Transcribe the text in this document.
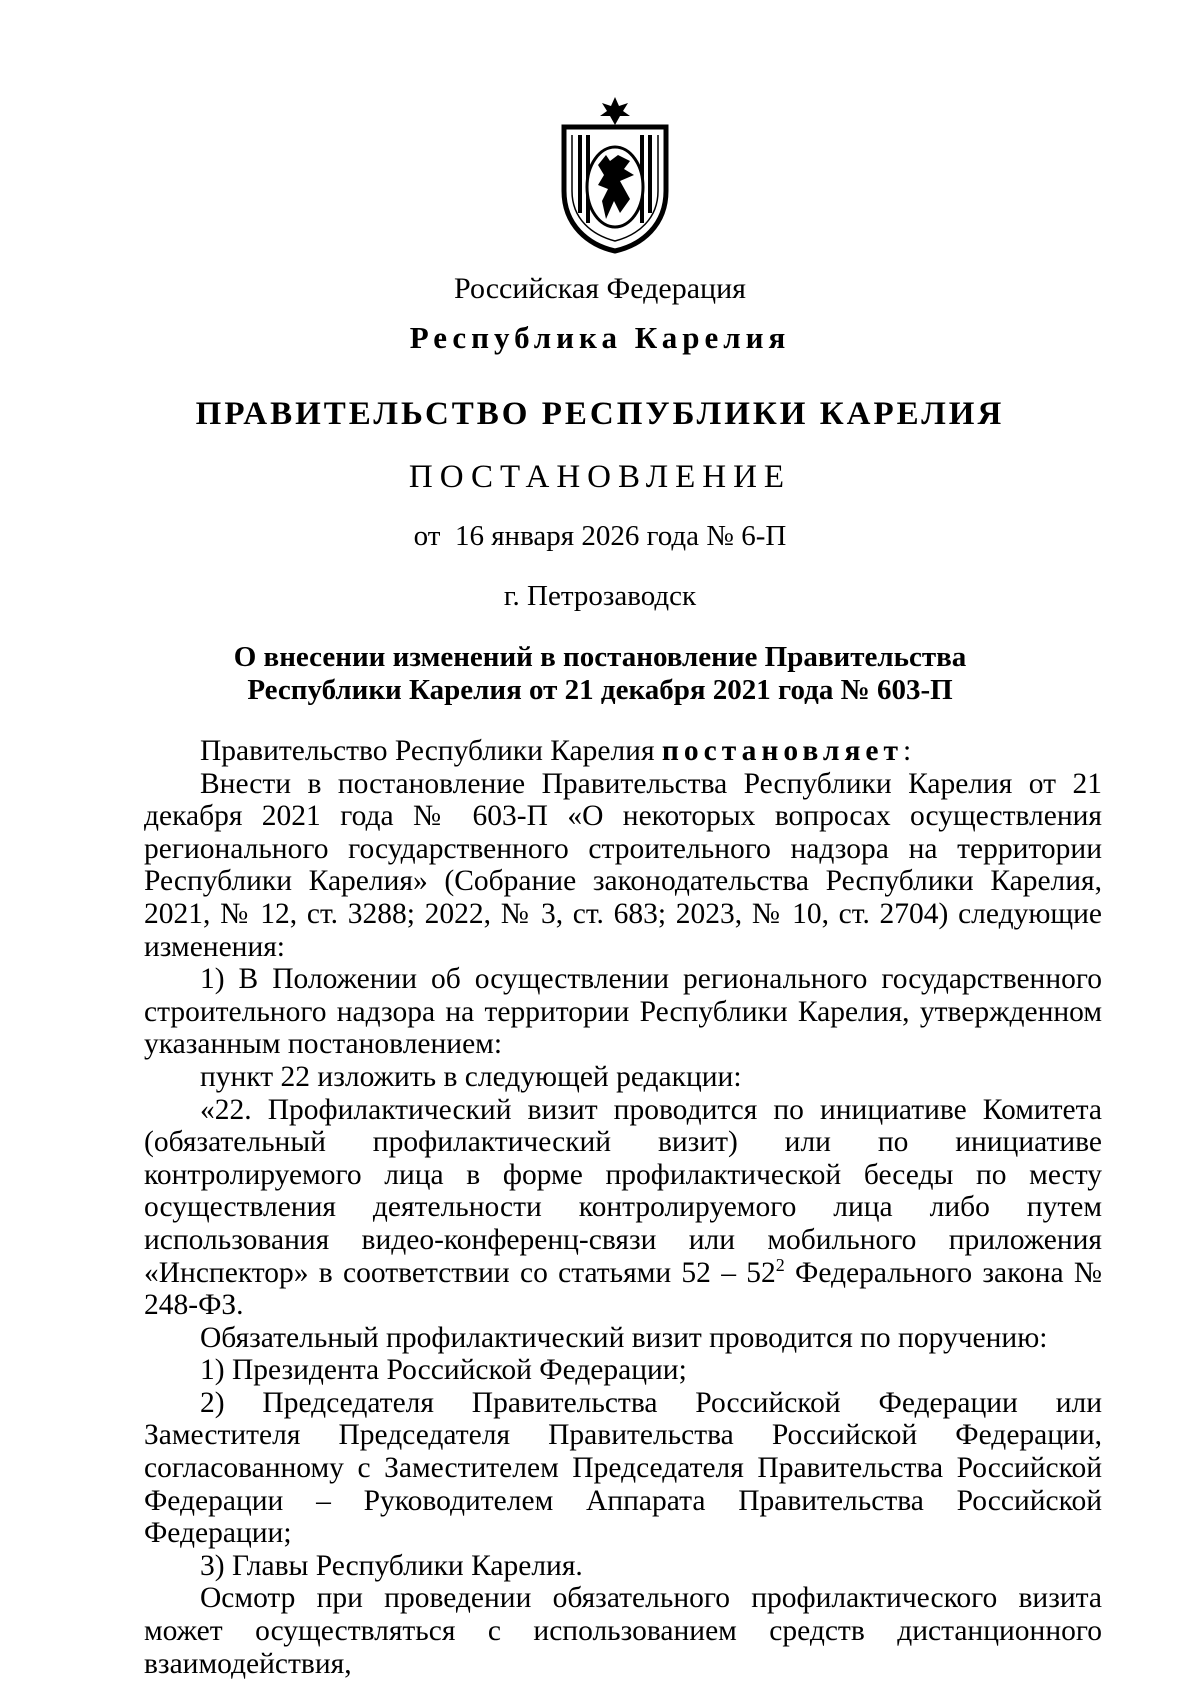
Российская Федерация
Республика Карелия
ПРАВИТЕЛЬСТВО РЕСПУБЛИКИ КАРЕЛИЯ
ПОСТАНОВЛЕНИЕ
от  16 января 2026 года № 6-П
г. Петрозаводск
О внесении изменений в постановление Правительства
Республики Карелия от 21 декабря 2021 года № 603-П

Правительство Республики Карелия постановляет:

Внести в постановление Правительства Республики Карелия от 21 декабря 2021 года № 603-П «О некоторых вопросах осуществления регионального государственного строительного надзора на территории Республики Карелия» (Собрание законодательства Республики Карелия, 2021, № 12, ст. 3288; 2022, № 3, ст. 683; 2023, № 10, ст. 2704) следующие изменения:

1) В Положении об осуществлении регионального государственного строительного надзора на территории Республики Карелия, утвержденном указанным постановлением:

пункт 22 изложить в следующей редакции:

«22. Профилактический визит проводится по инициативе Комитета (обязательный профилактический визит) или по инициативе контролируемого лица в форме профилактической беседы по месту осуществления деятельности контролируемого лица либо путем использования видео-конференц-связи или мобильного приложения «Инспектор» в соответствии со статьями $52 - 52^2$ Федерального закона № 248-ФЗ.

Обязательный профилактический визит проводится по поручению:

1) Президента Российской Федерации;

2) Председателя Правительства Российской Федерации или Заместителя Председателя Правительства Российской Федерации, согласованному с Заместителем Председателя Правительства Российской Федерации – Руководителем Аппарата Правительства Российской Федерации;

3) Главы Республики Карелия.

Осмотр при проведении обязательного профилактического визита может осуществляться с использованием средств дистанционного взаимодействия,
